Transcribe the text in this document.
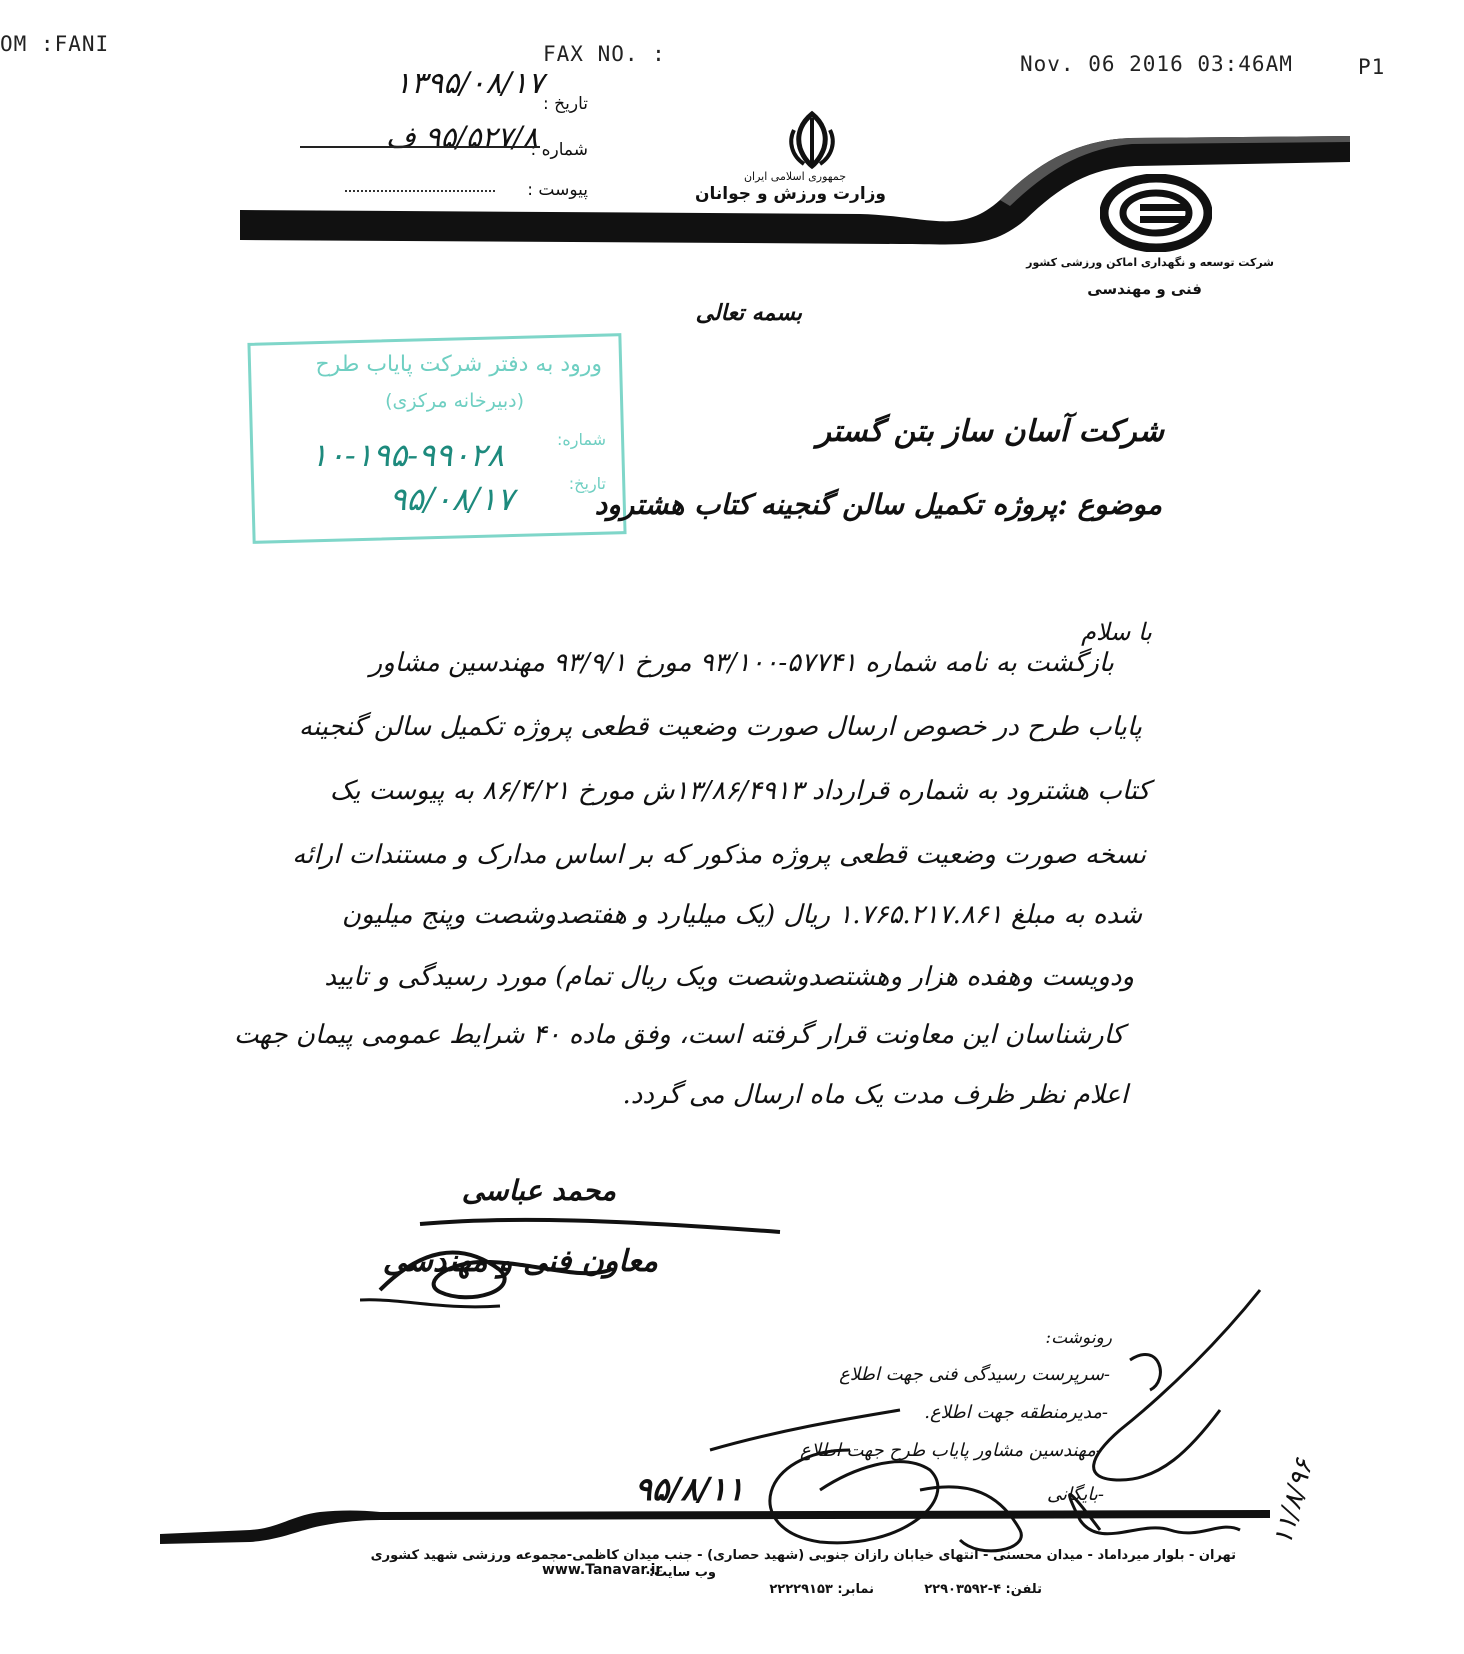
OM :FANI	FAX NO. :	Nov. 06 2016 03:46AM	P1
تاریخ :
۱۳۹۵/۰۸/۱۷
شماره :
۹۵/۵۲۷/۸ ف
پیوست :
جمهوری اسلامی ایران
وزارت ورزش و جوانان
شرکت توسعه و نگهداری اماکن ورزشی کشور
فنی و مهندسی
بسمه تعالی
ورود به دفتر شرکت پایاب طرح
(دبیرخانه مرکزی)
شماره:
تاریخ:
۱۰-۱۹۵-۹۹۰۲۸
۹۵/۰۸/۱۷
شرکت آسان ساز بتن گستر
موضوع :پروژه تکمیل سالن گنجینه کتاب هشترود
با سلام
بازگشت به نامه شماره ۵۷۷۴۱-۹۳/۱۰۰ مورخ ۹۳/۹/۱ مهندسین مشاور
پایاب طرح در خصوص ارسال صورت وضعیت قطعی پروژه تکمیل سالن گنجینه
کتاب هشترود به شماره قرارداد ۱۳/۸۶/۴۹۱۳ش مورخ ۸۶/۴/۲۱ به پیوست یک
نسخه صورت وضعیت قطعی پروژه مذکور که بر اساس مدارک و مستندات ارائه
شده به مبلغ ۱.۷۶۵.۲۱۷.۸۶۱ ریال (یک میلیارد و هفتصدوشصت وپنج میلیون
ودویست وهفده هزار وهشتصدوشصت ویک ریال تمام) مورد رسیدگی و تایید
کارشناسان این معاونت قرار گرفته است، وفق ماده ۴۰ شرایط عمومی پیمان جهت
اعلام نظر ظرف مدت یک ماه ارسال می گردد.
محمد عباسی
معاون فنی و مهندسی
رونوشت:
-سرپرست رسیدگی فنی جهت اطلاع
-مدیرمنطقه جهت اطلاع.
-مهندسین مشاور پایاب طرح جهت اطلاع
-بایگانی
۹۵/۸/۱۱	۱۱/۸/۹۶
تهران - بلوار میرداماد - میدان محسنی - انتهای خیابان رازان جنوبی (شهید حصاری) - جنب میدان کاظمی-مجموعه ورزشی شهید کشوری
تلفن: ۴-۲۲۹۰۳۵۹۲
نمابر: ۲۲۲۲۹۱۵۳
وب سایت:
www.Tanavar.ir
